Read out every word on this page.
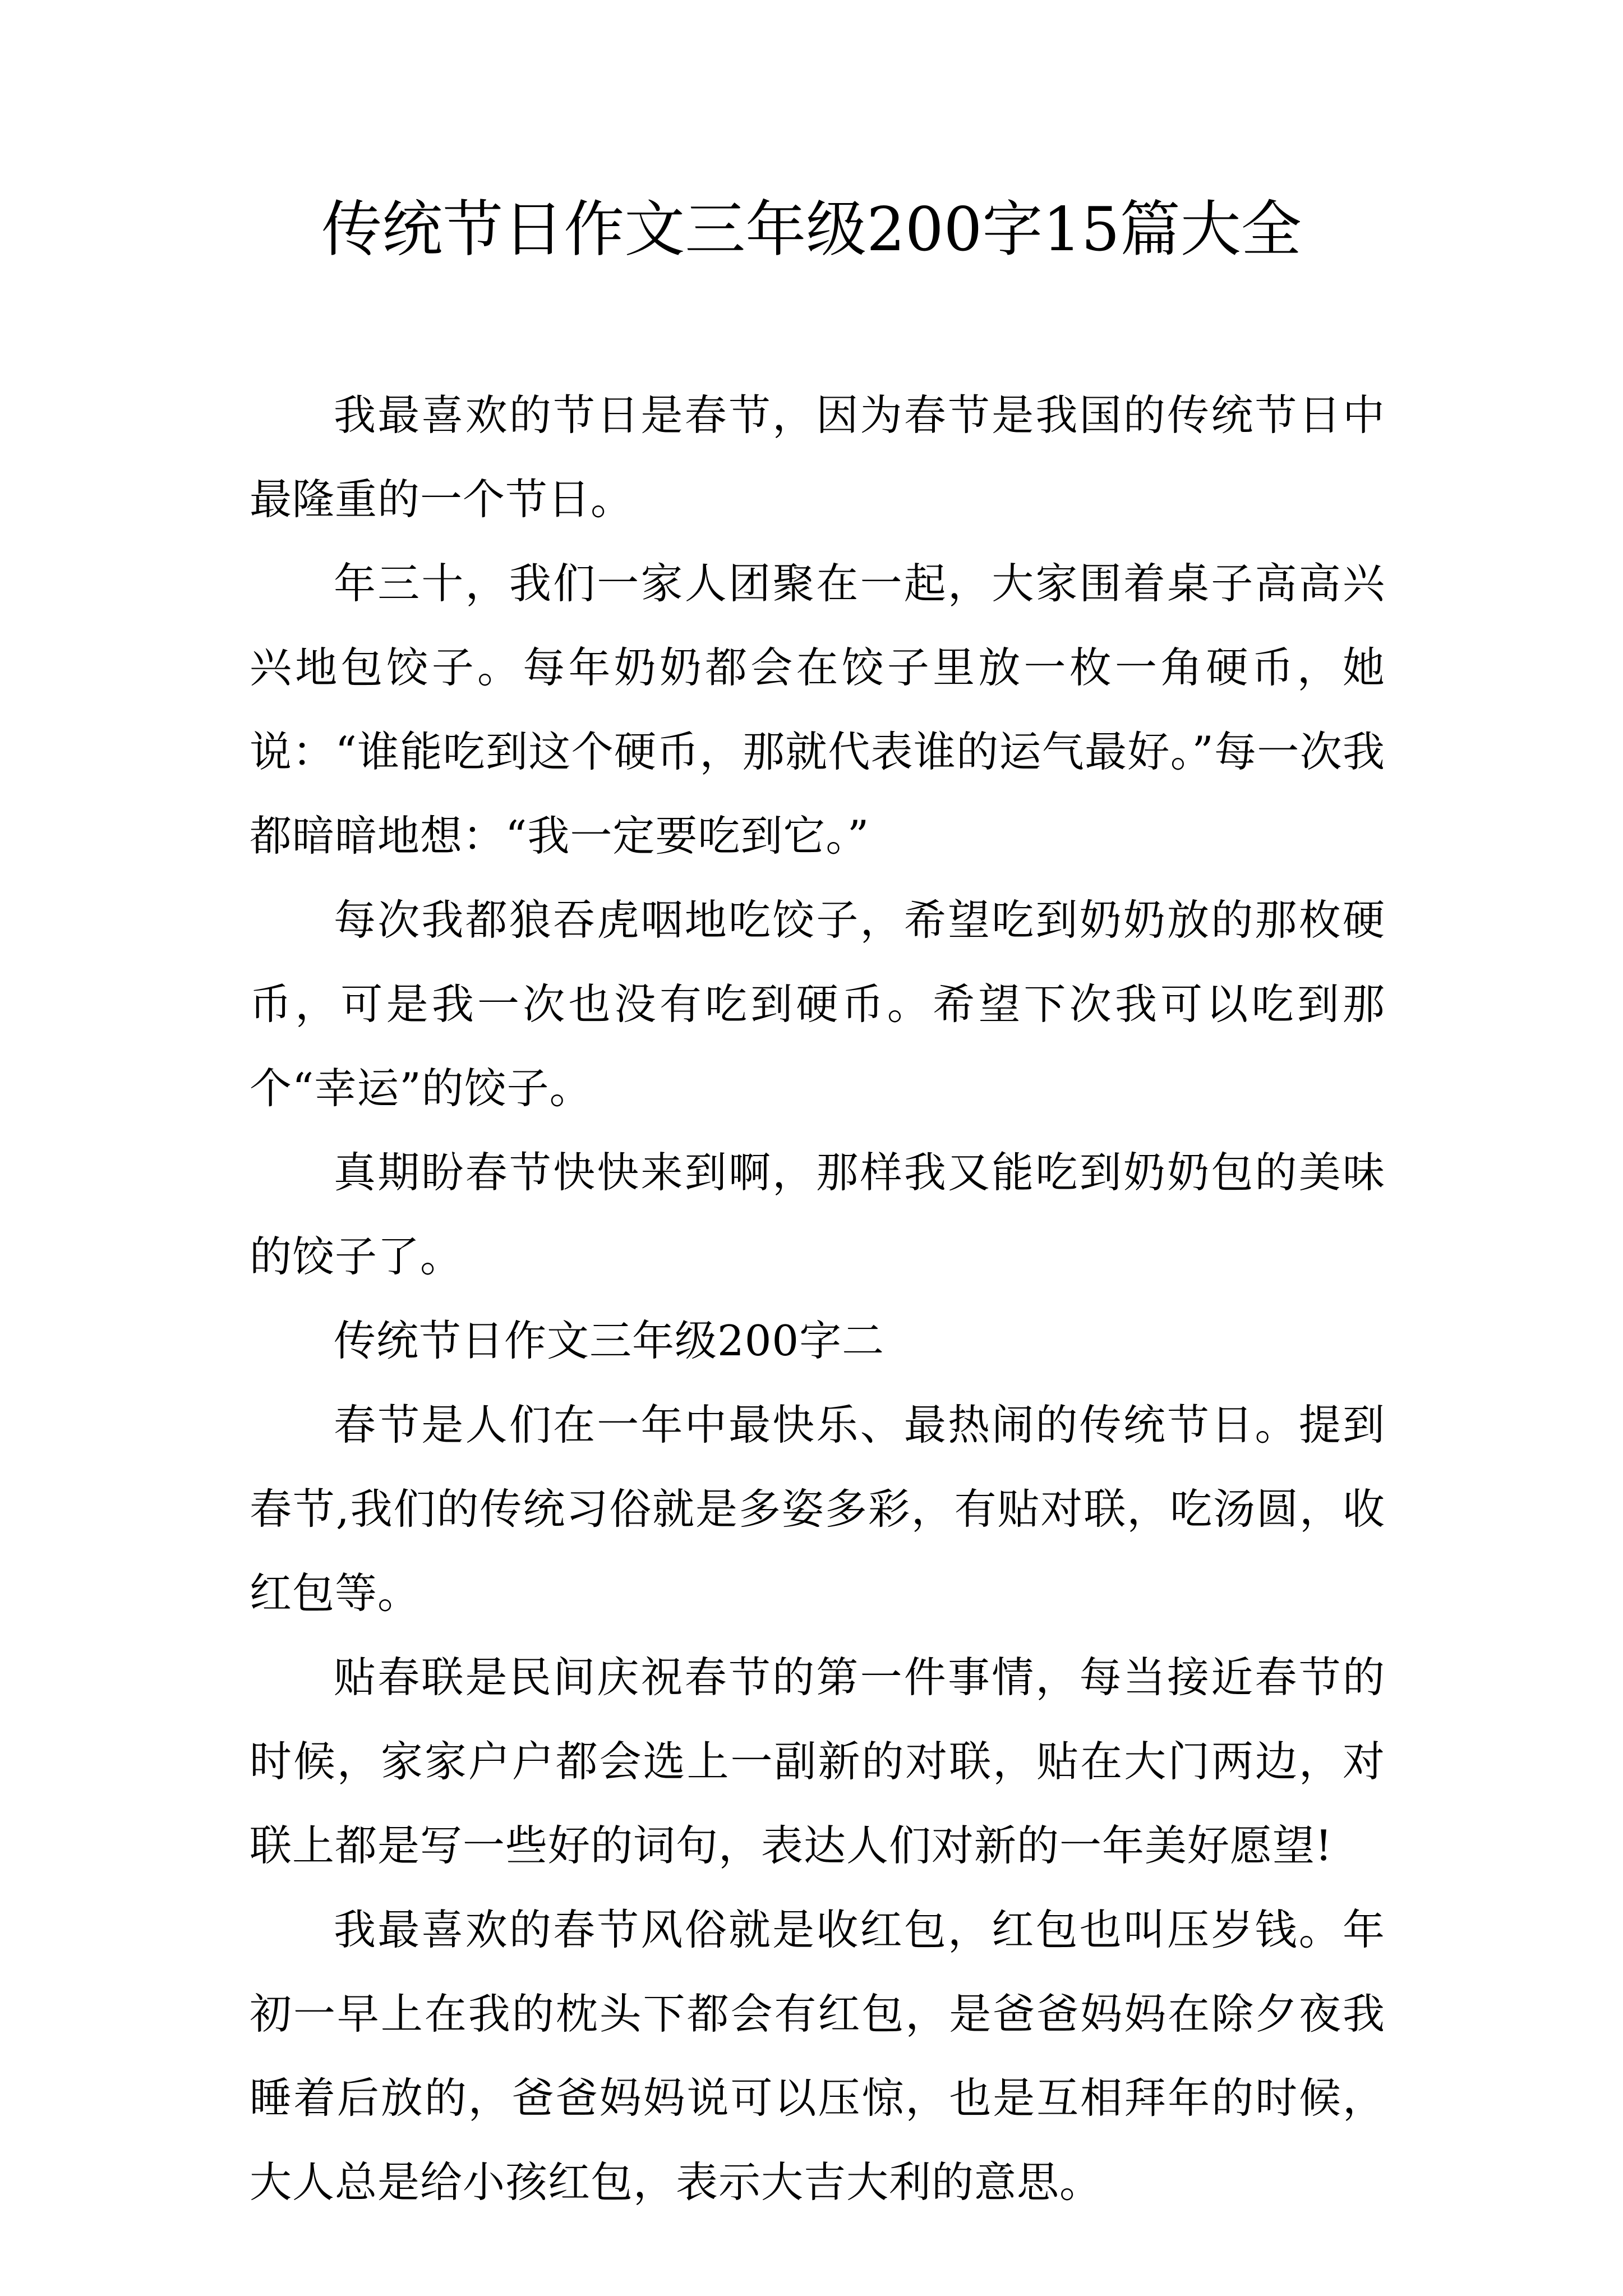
传统节日作文三年级200字15篇大全

我最喜欢的节日是春节，因为春节是我国的传统节日中最隆重的一个节日。

年三十，我们一家人团聚在一起，大家围着桌子高高兴兴地包饺子。每年奶奶都会在饺子里放一枚一角硬币，她说：“谁能吃到这个硬币，那就代表谁的运气最好。”每一次我都暗暗地想：“我一定要吃到它。”

每次我都狼吞虎咽地吃饺子，希望吃到奶奶放的那枚硬币，可是我一次也没有吃到硬币。希望下次我可以吃到那个“幸运”的饺子。

真期盼春节快快来到啊，那样我又能吃到奶奶包的美味的饺子了。

传统节日作文三年级200字二

春节是人们在一年中最快乐、最热闹的传统节日。提到春节,我们的传统习俗就是多姿多彩，有贴对联，吃汤圆，收红包等。

贴春联是民间庆祝春节的第一件事情，每当接近春节的时候，家家户户都会选上一副新的对联，贴在大门两边，对联上都是写一些好的词句，表达人们对新的一年美好愿望!

我最喜欢的春节风俗就是收红包，红包也叫压岁钱。年初一早上在我的枕头下都会有红包，是爸爸妈妈在除夕夜我睡着后放的，爸爸妈妈说可以压惊，也是互相拜年的时候，大人总是给小孩红包，表示大吉大利的意思。
